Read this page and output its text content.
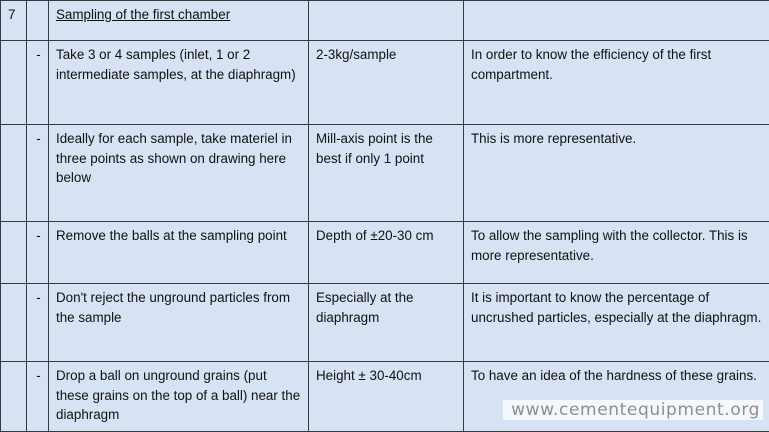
7		Sampling of the first chamber		
	-	Take 3 or 4 samples (inlet, 1 or 2 intermediate samples, at the diaphragm)	2-3kg/sample	In order to know the efficiency of the first compartment.
	-	Ideally for each sample, take materiel in three points as shown on drawing here below	Mill-axis point is the best if only 1 point	This is more representative.
	-	Remove the balls at the sampling point	Depth of ±20-30 cm	To allow the sampling with the collector. This is more representative.
	-	Don't reject the unground particles from the sample	Especially at the diaphragm	It is important to know the percentage of uncrushed particles, especially at the diaphragm.
	-	Drop a ball on unground grains (put these grains on the top of a ball) near the diaphragm	Height ± 30-40cm	To have an idea of the hardness of these grains.
www.cementequipment.org
